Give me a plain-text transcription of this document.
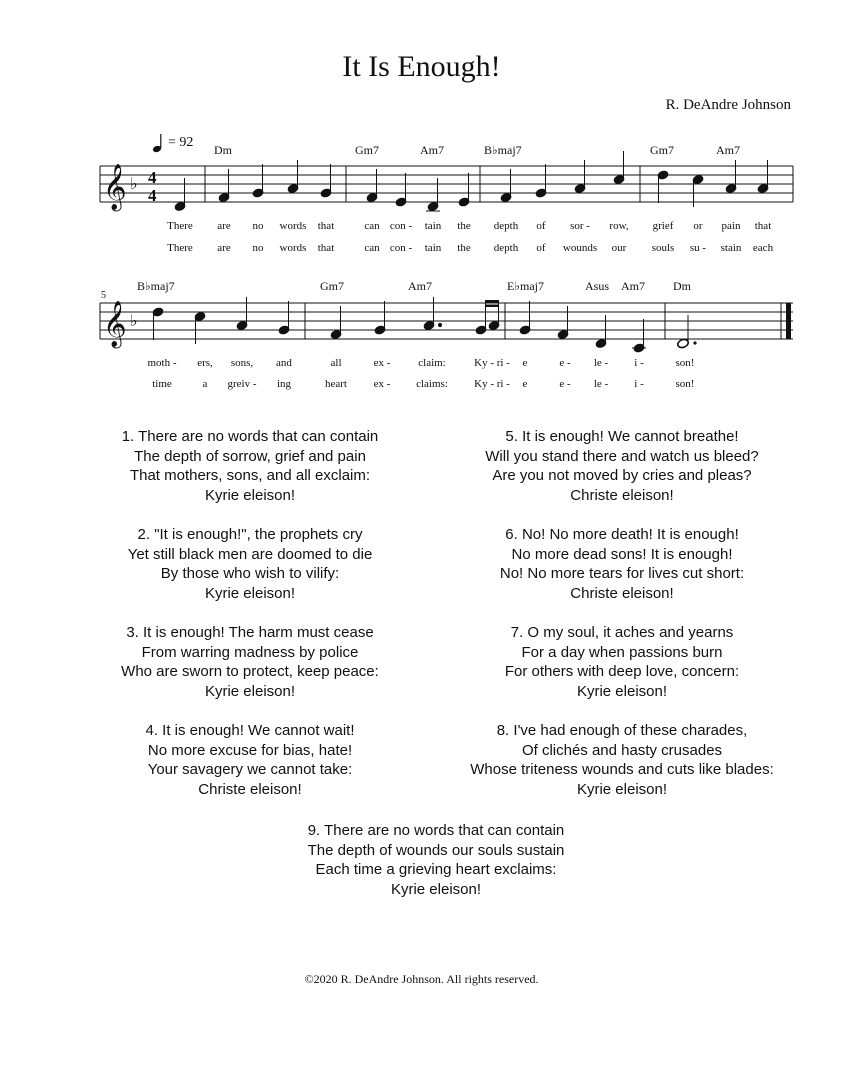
It Is Enough!
R. DeAndre Johnson
= 92 Dm	Gm7	Am7	B♭maj7	Gm7	Am7
5
B♭maj7	Gm7	Am7	E♭maj7	Asus Am7 Dm
𝄞
𝄞
♭
♭
4
4
There are no words that	can con - tain the depth of sor - row, grief or pain that
There are no words that	can con - tain the depth of wounds our souls su - stain each
moth - ers, sons, and	all	ex -	claim:	Ky - ri - e	e - le - i -	son!
time	a greiv - ing	heart ex - claims: Ky - ri - e	e - le - i -	son!
1. There are no words that can contain
The depth of sorrow, grief and pain
That mothers, sons, and all exclaim:
Kyrie eleison!
2. "It is enough!", the prophets cry
Yet still black men are doomed to die
By those who wish to vilify:
Kyrie eleison!
3. It is enough! The harm must cease
From warring madness by police
Who are sworn to protect, keep peace:
Kyrie eleison!
4. It is enough! We cannot wait!
No more excuse for bias, hate!
Your savagery we cannot take:
Christe eleison!
5. It is enough! We cannot breathe!
Will you stand there and watch us bleed?
Are you not moved by cries and pleas?
Christe eleison!
6. No! No more death! It is enough!
No more dead sons! It is enough!
No! No more tears for lives cut short:
Christe eleison!
7. O my soul, it aches and yearns
For a day when passions burn
For others with deep love, concern:
Kyrie eleison!
8. I've had enough of these charades,
Of clichés and hasty crusades
Whose triteness wounds and cuts like blades:
Kyrie eleison!
9. There are no words that can contain
The depth of wounds our souls sustain
Each time a grieving heart exclaims:
Kyrie eleison!
©2020 R. DeAndre Johnson. All rights reserved.
